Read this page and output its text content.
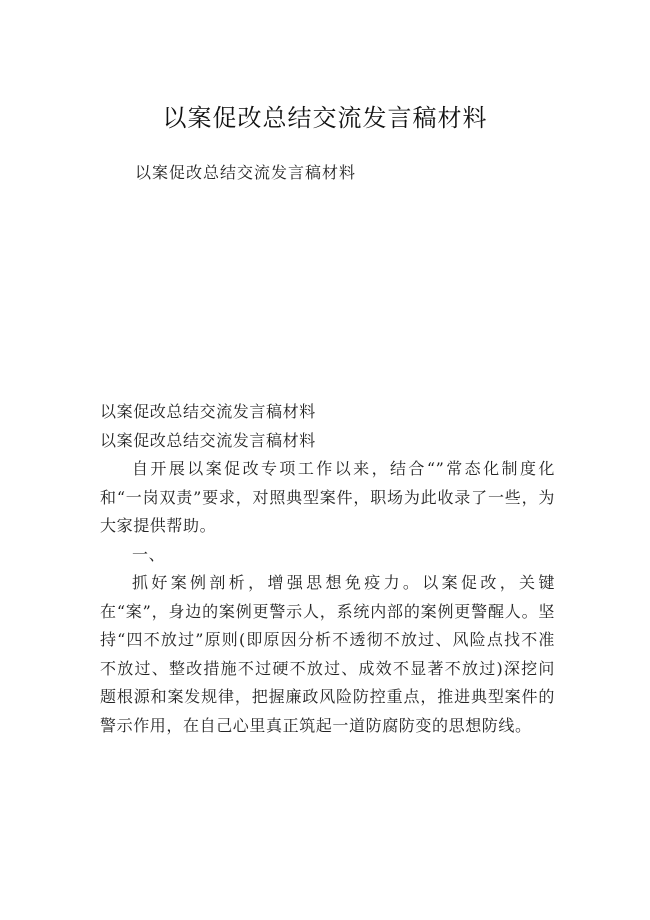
以案促改总结交流发言稿材料

以案促改总结交流发言稿材料

以案促改总结交流发言稿材料

以案促改总结交流发言稿材料

自开展以案促改专项工作以来，结合“”常态化制度化和“一岗双责”要求，对照典型案件，职场为此收录了一些，为大家提供帮助。

一、

抓好案例剖析，增强思想免疫力。以案促改，关键在“案”，身边的案例更警示人，系统内部的案例更警醒人。坚持“四不放过”原则(即原因分析不透彻不放过、风险点找不准不放过、整改措施不过硬不放过、成效不显著不放过)深挖问题根源和案发规律，把握廉政风险防控重点，推进典型案件的警示作用，在自己心里真正筑起一道防腐防变的思想防线。
